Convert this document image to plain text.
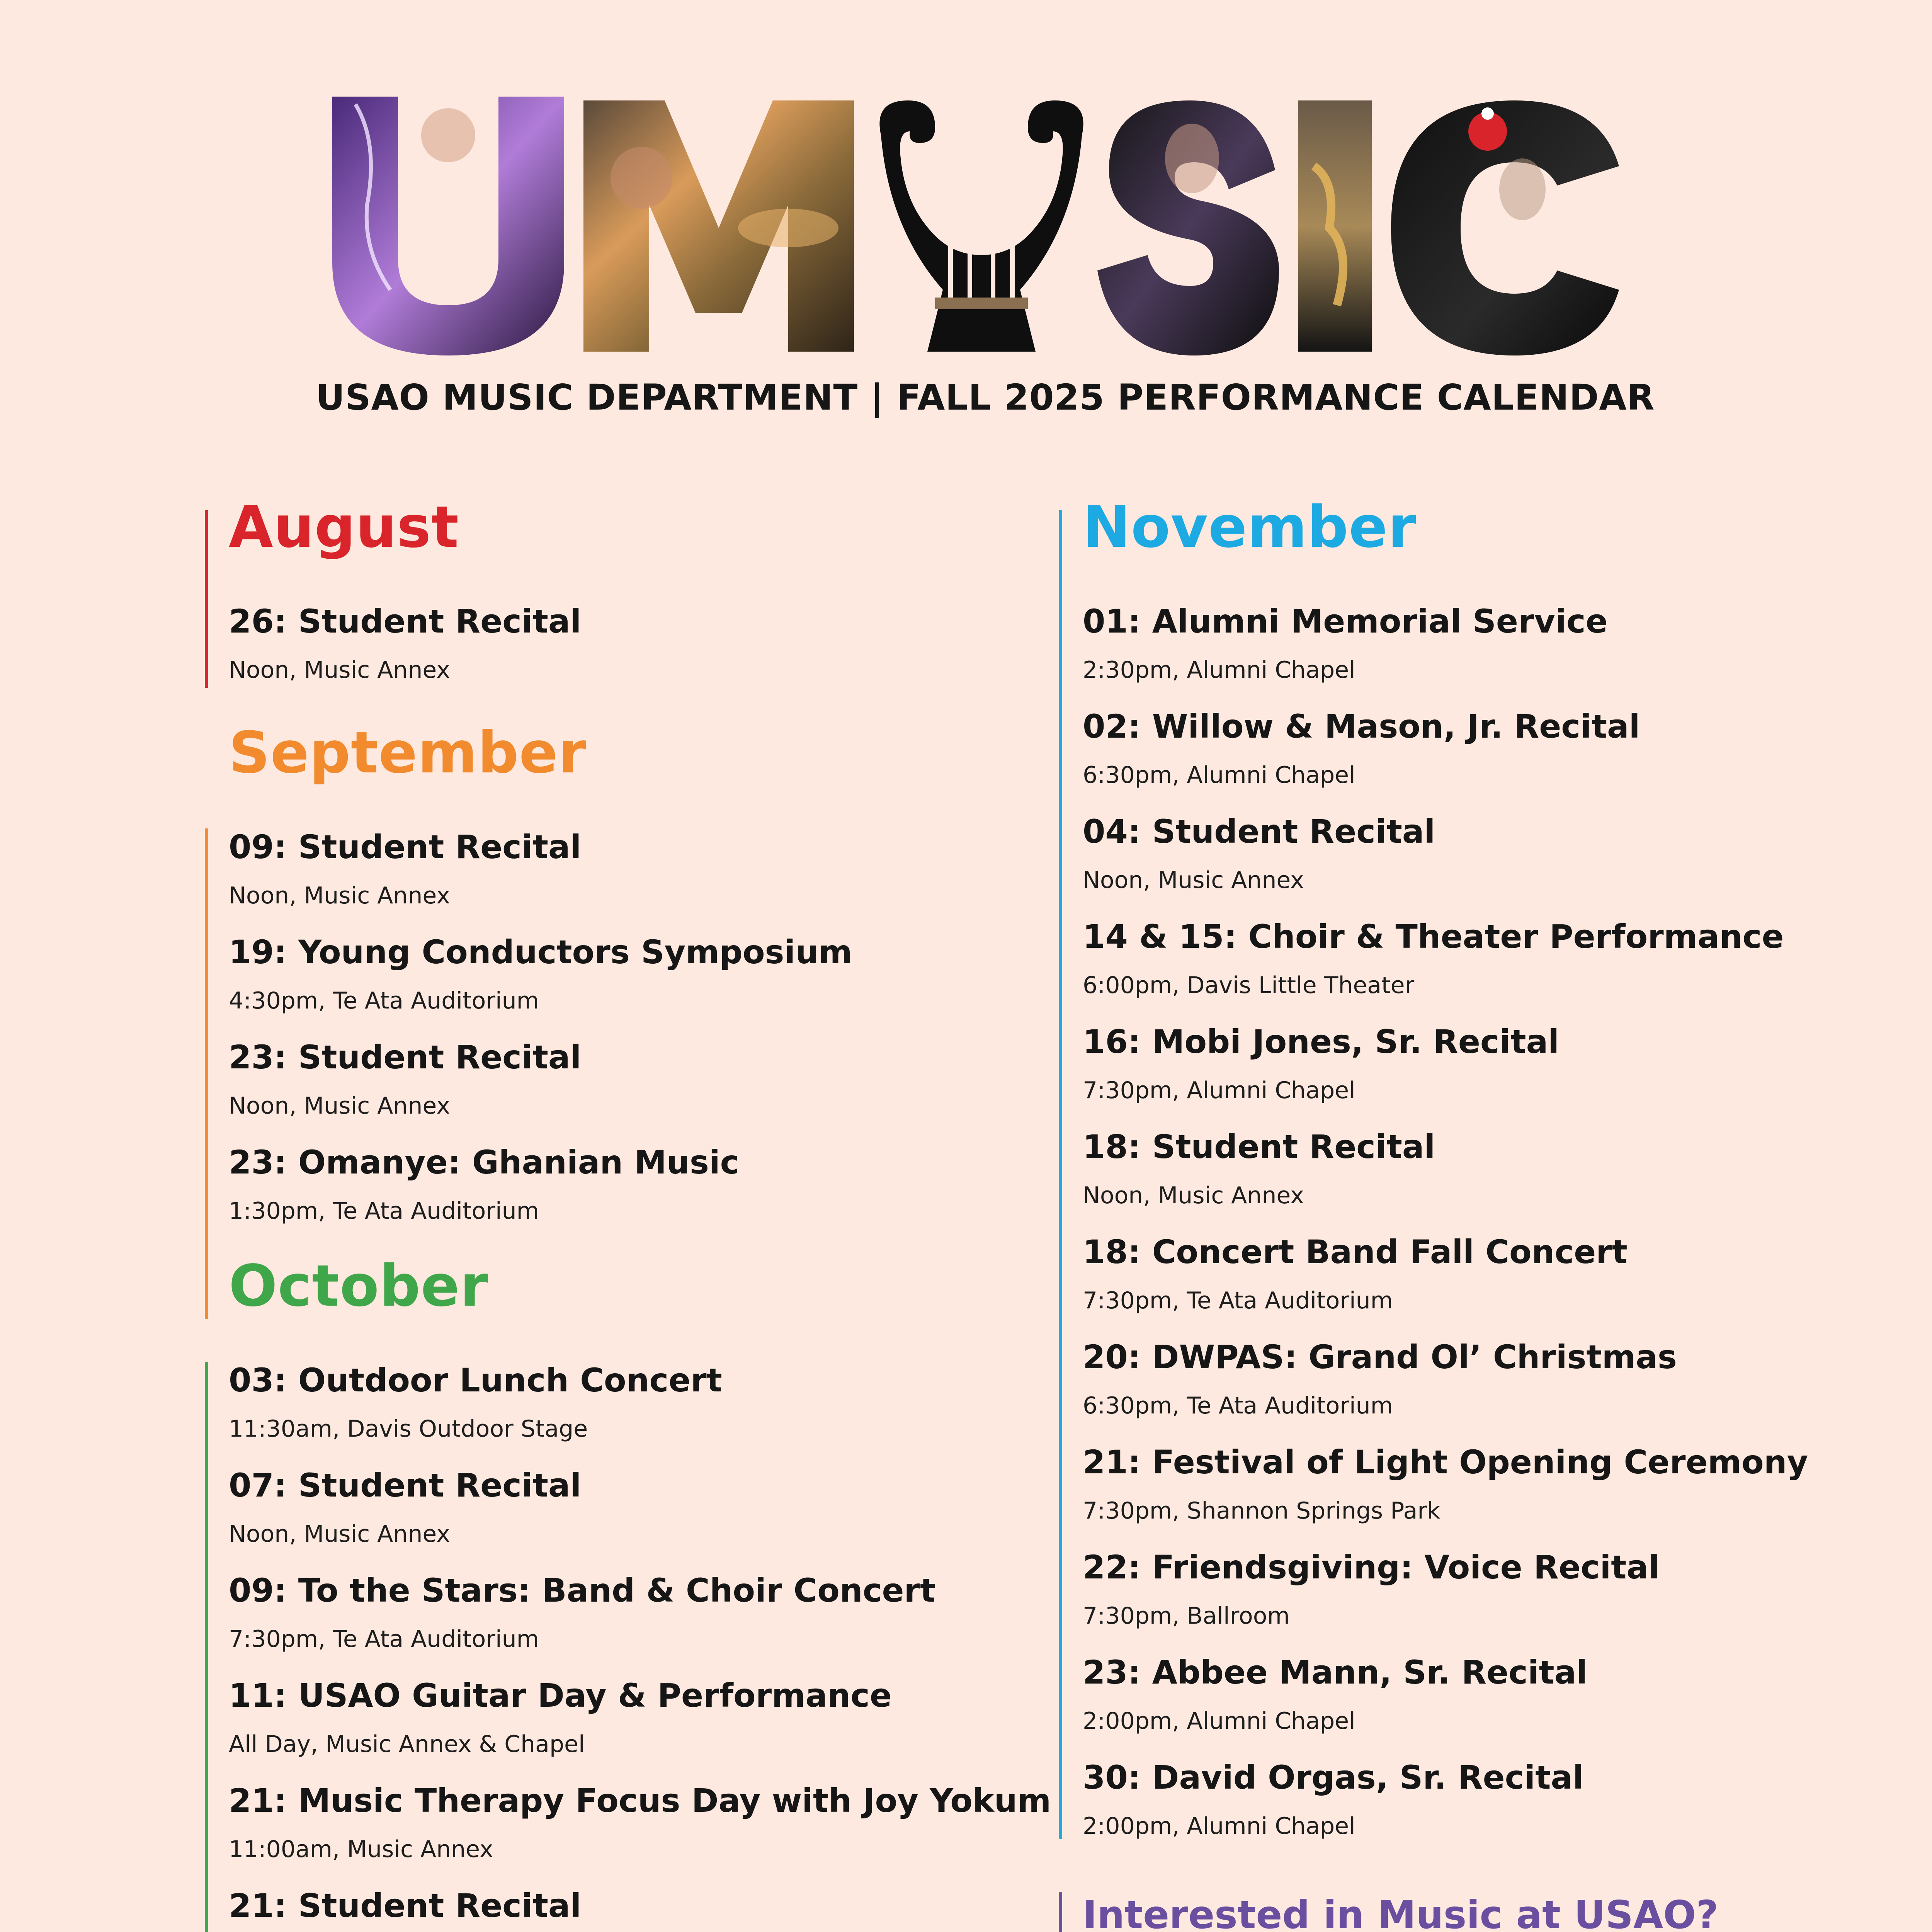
USAO MUSIC DEPARTMENT | FALL 2025 PERFORMANCE CALENDAR
August
26: Student Recital
Noon, Music Annex
September
09: Student Recital
Noon, Music Annex
19: Young Conductors Symposium
4:30pm, Te Ata Auditorium
23: Student Recital
Noon, Music Annex
23: Omanye: Ghanian Music
1:30pm, Te Ata Auditorium
October
03: Outdoor Lunch Concert
11:30am, Davis Outdoor Stage
07: Student Recital
Noon, Music Annex
09: To the Stars: Band & Choir Concert
7:30pm, Te Ata Auditorium
11: USAO Guitar Day & Performance
All Day, Music Annex & Chapel
21: Music Therapy Focus Day with Joy Yokum
11:00am, Music Annex
21: Student Recital
November
01: Alumni Memorial Service
2:30pm, Alumni Chapel
02: Willow & Mason, Jr. Recital
6:30pm, Alumni Chapel
04: Student Recital
Noon, Music Annex
14 & 15: Choir & Theater Performance
6:00pm, Davis Little Theater
16: Mobi Jones, Sr. Recital
7:30pm, Alumni Chapel
18: Student Recital
Noon, Music Annex
18: Concert Band Fall Concert
7:30pm, Te Ata Auditorium
20: DWPAS: Grand Ol’ Christmas
6:30pm, Te Ata Auditorium
21: Festival of Light Opening Ceremony
7:30pm, Shannon Springs Park
22: Friendsgiving: Voice Recital
7:30pm, Ballroom
23: Abbee Mann, Sr. Recital
2:00pm, Alumni Chapel
30: David Orgas, Sr. Recital
2:00pm, Alumni Chapel
Interested in Music at USAO?
